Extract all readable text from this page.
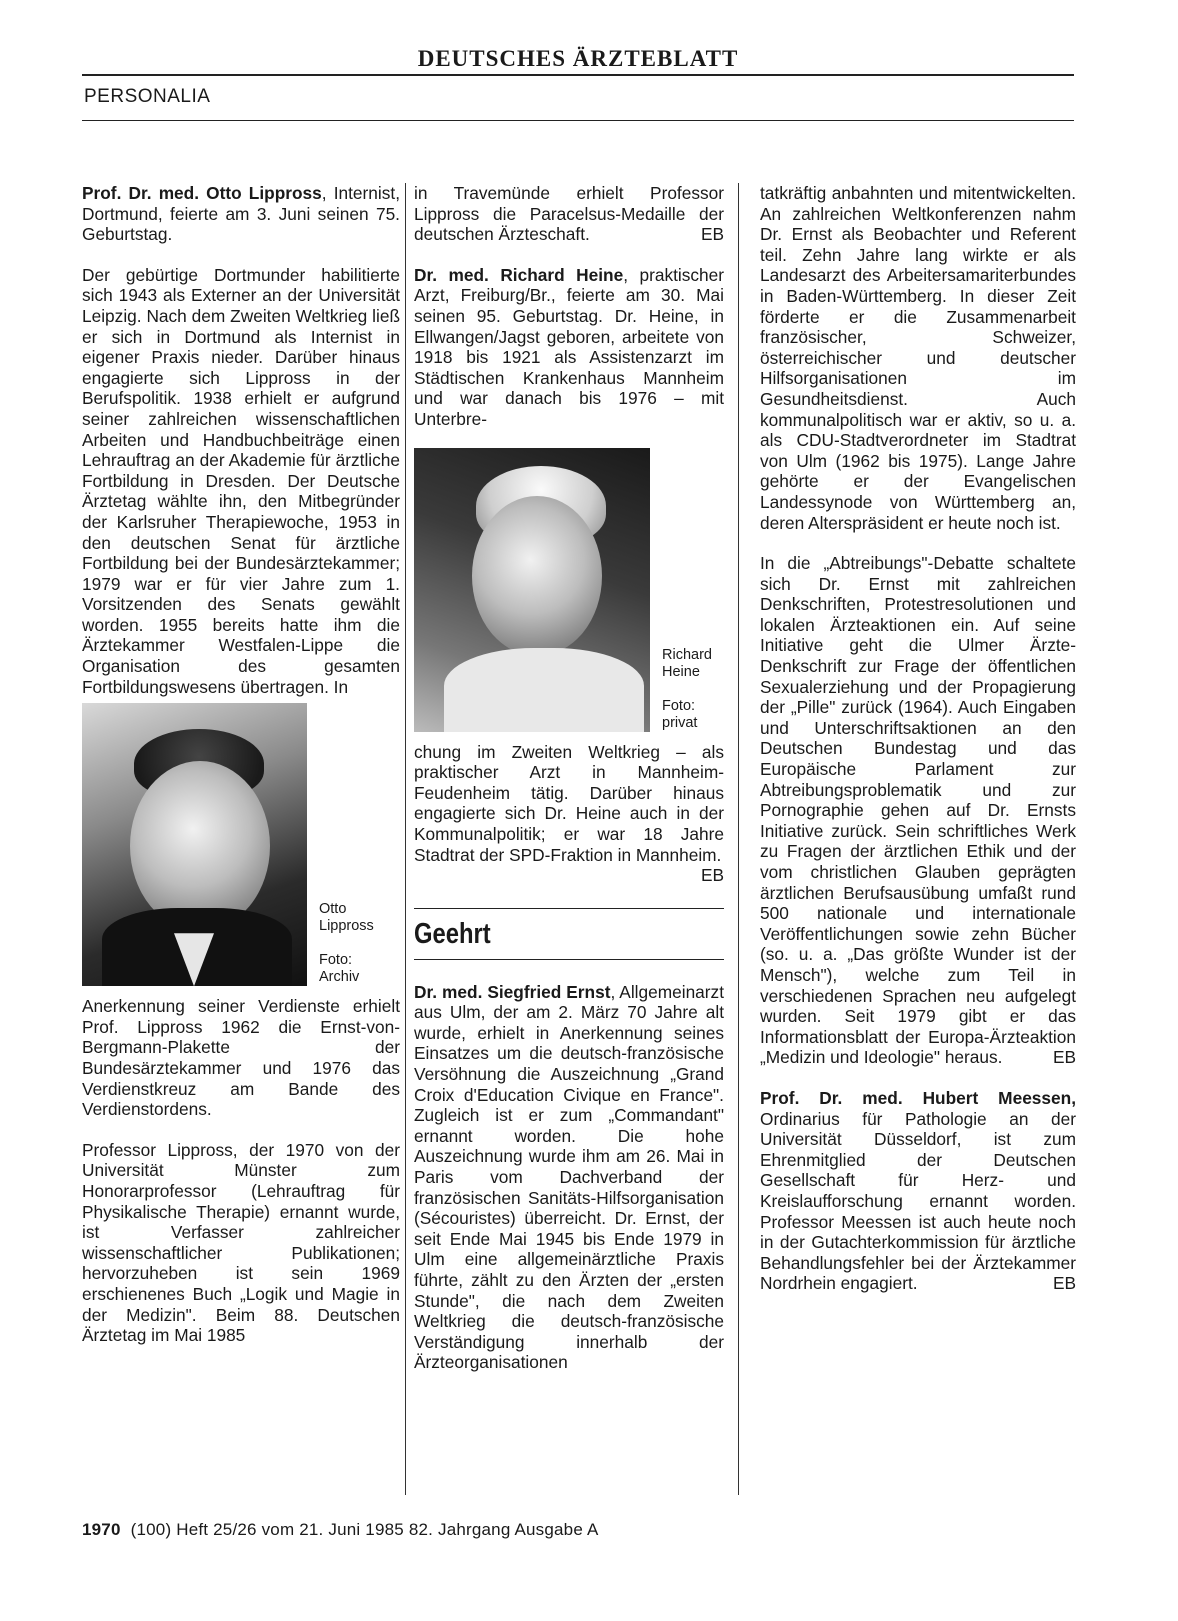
DEUTSCHES ÄRZTEBLATT
PERSONALIA

Prof. Dr. med. Otto Lippross, Internist, Dortmund, feierte am 3. Juni seinen 75. Geburtstag.

Der gebürtige Dortmunder habilitierte sich 1943 als Externer an der Universität Leipzig. Nach dem Zweiten Weltkrieg ließ er sich in Dortmund als Internist in eigener Praxis nieder. Darüber hinaus engagierte sich Lippross in der Berufspolitik. 1938 erhielt er aufgrund seiner zahlreichen wissenschaftlichen Arbeiten und Handbuchbeiträge einen Lehrauftrag an der Akademie für ärztliche Fortbildung in Dresden. Der Deutsche Ärztetag wählte ihn, den Mitbegründer der Karlsruher Therapiewoche, 1953 in den deutschen Senat für ärztliche Fortbildung bei der Bundesärztekammer; 1979 war er für vier Jahre zum 1. Vorsitzenden des Senats gewählt worden. 1955 bereits hatte ihm die Ärztekammer Westfalen-Lippe die Organisation des gesamten Fortbildungswesens übertragen. In

Otto
Lippross
Foto:
Archiv

Anerkennung seiner Verdienste erhielt Prof. Lippross 1962 die Ernst-von-Bergmann-Plakette der Bundesärztekammer und 1976 das Verdienstkreuz am Bande des Verdienstordens.

Professor Lippross, der 1970 von der Universität Münster zum Honorarprofessor (Lehrauftrag für Physikalische Therapie) ernannt wurde, ist Verfasser zahlreicher wissenschaftlicher Publikationen; hervorzuheben ist sein 1969 erschienenes Buch „Logik und Magie in der Medizin". Beim 88. Deutschen Ärztetag im Mai 1985

in Travemünde erhielt Professor Lippross die Paracelsus-Medaille der deutschen Ärzteschaft.	EB

Dr. med. Richard Heine, praktischer Arzt, Freiburg/Br., feierte am 30. Mai seinen 95. Geburtstag. Dr. Heine, in Ellwangen/Jagst geboren, arbeitete von 1918 bis 1921 als Assistenzarzt im Städtischen Krankenhaus Mannheim und war danach bis 1976 – mit Unterbre-

Richard
Heine
Foto:
privat

chung im Zweiten Weltkrieg – als praktischer Arzt in Mannheim-Feudenheim tätig. Darüber hinaus engagierte sich Dr. Heine auch in der Kommunalpolitik; er war 18 Jahre Stadtrat der SPD-Fraktion in Mannheim.
EB

Geehrt

Dr. med. Siegfried Ernst, Allgemeinarzt aus Ulm, der am 2. März 70 Jahre alt wurde, erhielt in Anerkennung seines Einsatzes um die deutsch-französische Versöhnung die Auszeichnung „Grand Croix d'Education Civique en France". Zugleich ist er zum „Commandant" ernannt worden. Die hohe Auszeichnung wurde ihm am 26. Mai in Paris vom Dachverband der französischen Sanitäts-Hilfsorganisation (Sécouristes) überreicht. Dr. Ernst, der seit Ende Mai 1945 bis Ende 1979 in Ulm eine allgemeinärztliche Praxis führte, zählt zu den Ärzten der „ersten Stunde", die nach dem Zweiten Weltkrieg die deutsch-französische Verständigung innerhalb der Ärzteorganisationen

tatkräftig anbahnten und mitentwickelten. An zahlreichen Weltkonferenzen nahm Dr. Ernst als Beobachter und Referent teil. Zehn Jahre lang wirkte er als Landesarzt des Arbeitersamariterbundes in Baden-Württemberg. In dieser Zeit förderte er die Zusammenarbeit französischer, Schweizer, österreichischer und deutscher Hilfsorganisationen im Gesundheitsdienst. Auch kommunalpolitisch war er aktiv, so u. a. als CDU-Stadtverordneter im Stadtrat von Ulm (1962 bis 1975). Lange Jahre gehörte er der Evangelischen Landessynode von Württemberg an, deren Alterspräsident er heute noch ist.

In die „Abtreibungs"-Debatte schaltete sich Dr. Ernst mit zahlreichen Denkschriften, Protestresolutionen und lokalen Ärzteaktionen ein. Auf seine Initiative geht die Ulmer Ärzte-Denkschrift zur Frage der öffentlichen Sexualerziehung und der Propagierung der „Pille" zurück (1964). Auch Eingaben und Unterschriftsaktionen an den Deutschen Bundestag und das Europäische Parlament zur Abtreibungsproblematik und zur Pornographie gehen auf Dr. Ernsts Initiative zurück. Sein schriftliches Werk zu Fragen der ärztlichen Ethik und der vom christlichen Glauben geprägten ärztlichen Berufsausübung umfaßt rund 500 nationale und internationale Veröffentlichungen sowie zehn Bücher (so. u. a. „Das größte Wunder ist der Mensch"), welche zum Teil in verschiedenen Sprachen neu aufgelegt wurden. Seit 1979 gibt er das Informationsblatt der Europa-Ärzteaktion „Medizin und Ideologie" heraus.	EB

Prof. Dr. med. Hubert Meessen, Ordinarius für Pathologie an der Universität Düsseldorf, ist zum Ehrenmitglied der Deutschen Gesellschaft für Herz- und Kreislaufforschung ernannt worden. Professor Meessen ist auch heute noch in der Gutachterkommission für ärztliche Behandlungsfehler bei der Ärztekammer Nordrhein engagiert.	EB

1970 (100) Heft 25/26 vom 21. Juni 1985 82. Jahrgang Ausgabe A
